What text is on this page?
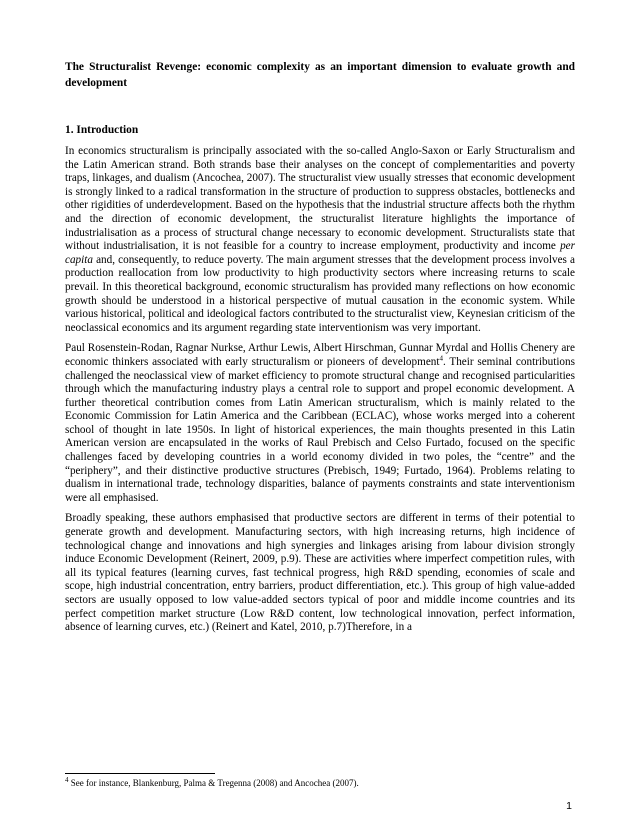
The Structuralist Revenge: economic complexity as an important dimension to evaluate growth and development
1. Introduction

In economics structuralism is principally associated with the so-called Anglo-Saxon or Early Structuralism and the Latin American strand. Both strands base their analyses on the concept of complementarities and poverty traps, linkages, and dualism (Ancochea, 2007). The structuralist view usually stresses that economic development is strongly linked to a radical transformation in the structure of production to suppress obstacles, bottlenecks and other rigidities of underdevelopment. Based on the hypothesis that the industrial structure affects both the rhythm and the direction of economic development, the structuralist literature highlights the importance of industrialisation as a process of structural change necessary to economic development. Structuralists state that without industrialisation, it is not feasible for a country to increase employment, productivity and income per capita and, consequently, to reduce poverty. The main argument stresses that the development process involves a production reallocation from low productivity to high productivity sectors where increasing returns to scale prevail. In this theoretical background, economic structuralism has provided many reflections on how economic growth should be understood in a historical perspective of mutual causation in the economic system. While various historical, political and ideological factors contributed to the structuralist view, Keynesian criticism of the neoclassical economics and its argument regarding state interventionism was very important.

Paul Rosenstein-Rodan, Ragnar Nurkse, Arthur Lewis, Albert Hirschman, Gunnar Myrdal and Hollis Chenery are economic thinkers associated with early structuralism or pioneers of development$^4$. Their seminal contributions challenged the neoclassical view of market efficiency to promote structural change and recognised particularities through which the manufacturing industry plays a central role to support and propel economic development. A further theoretical contribution comes from Latin American structuralism, which is mainly related to the Economic Commission for Latin America and the Caribbean (ECLAC), whose works merged into a coherent school of thought in late 1950s. In light of historical experiences, the main thoughts presented in this Latin American version are encapsulated in the works of Raul Prebisch and Celso Furtado, focused on the specific challenges faced by developing countries in a world economy divided in two poles, the “centre” and the “periphery”, and their distinctive productive structures (Prebisch, 1949; Furtado, 1964). Problems relating to dualism in international trade, technology disparities, balance of payments constraints and state interventionism were all emphasised.

Broadly speaking, these authors emphasised that productive sectors are different in terms of their potential to generate growth and development. Manufacturing sectors, with high increasing returns, high incidence of technological change and innovations and high synergies and linkages arising from labour division strongly induce Economic Development (Reinert, 2009, p.9). These are activities where imperfect competition rules, with all its typical features (learning curves, fast technical progress, high R&D spending, economies of scale and scope, high industrial concentration, entry barriers, product differentiation, etc.). This group of high value-added sectors are usually opposed to low value-added sectors typical of poor and middle income countries and its perfect competition market structure (Low R&D content, low technological innovation, perfect information, absence of learning curves, etc.) (Reinert and Katel, 2010, p.7)Therefore, in a

$^4$ See for instance, Blankenburg, Palma & Tregenna (2008) and Ancochea (2007).

1
